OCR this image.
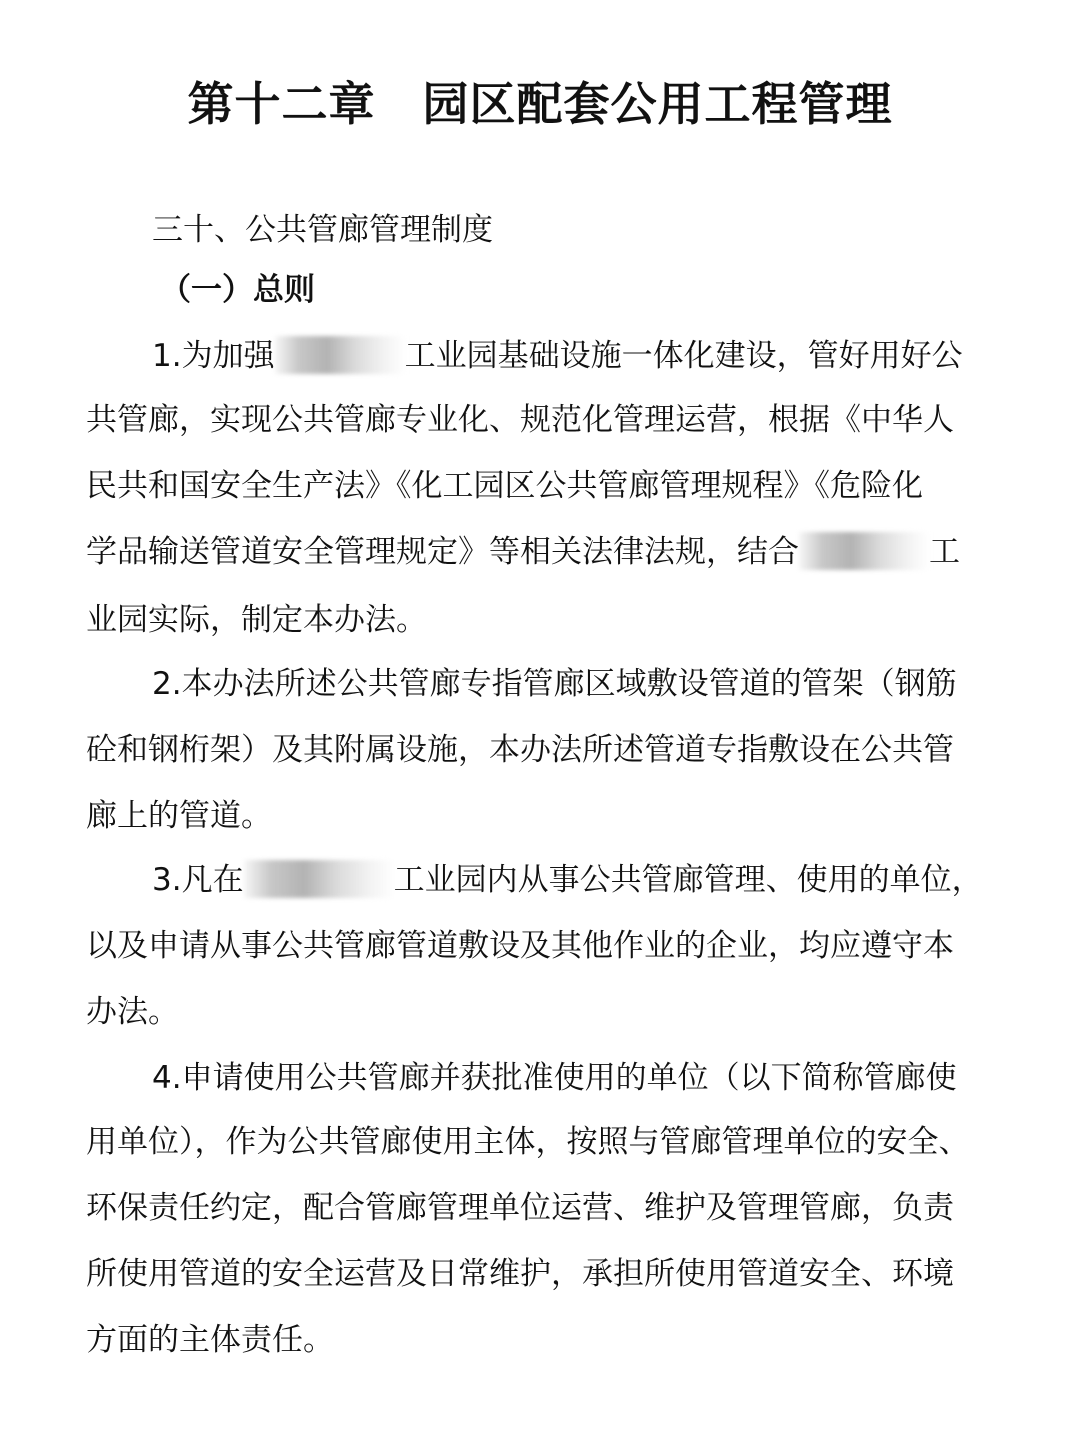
第十二章　园区配套公用工程管理
三十、公共管廊管理制度
（一）总则
1.为加强	工业园基础设施一体化建设，管好用好公
共管廊，实现公共管廊专业化、规范化管理运营，根据《中华人
民共和国安全生产法》《化工园区公共管廊管理规程》《危险化
学品输送管道安全管理规定》等相关法律法规，结合	工
业园实际，制定本办法。
2.本办法所述公共管廊专指管廊区域敷设管道的管架（钢筋
砼和钢桁架）及其附属设施，本办法所述管道专指敷设在公共管
廊上的管道。
3.凡在	工业园内从事公共管廊管理、使用的单位，
以及申请从事公共管廊管道敷设及其他作业的企业，均应遵守本
办法。
4.申请使用公共管廊并获批准使用的单位（以下简称管廊使
用单位），作为公共管廊使用主体，按照与管廊管理单位的安全、
环保责任约定，配合管廊管理单位运营、维护及管理管廊，负责
所使用管道的安全运营及日常维护，承担所使用管道安全、环境
方面的主体责任。
